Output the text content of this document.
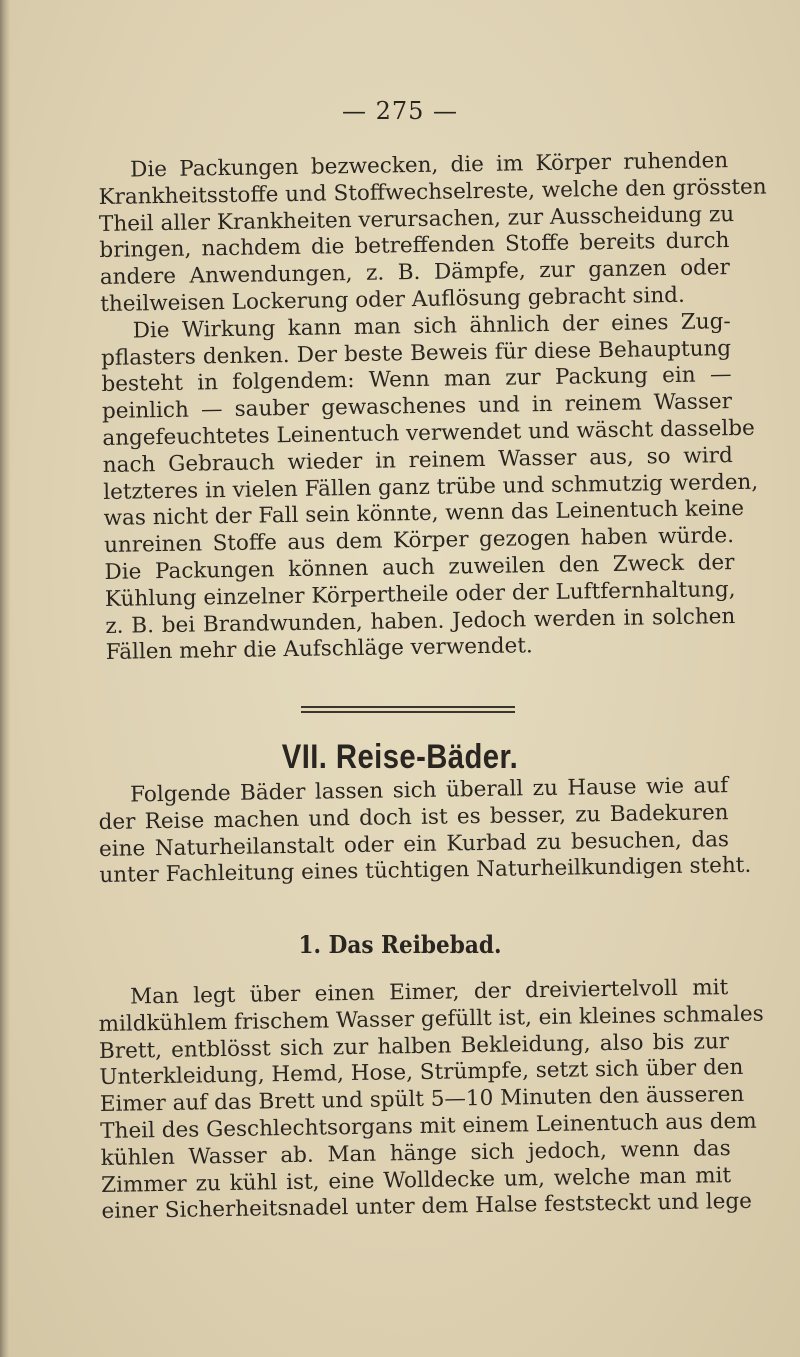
— 275 —

Die Packungen bezwecken, die im Körper ruhenden
Krankheitsstoffe und Stoffwechselreste, welche den grössten
Theil aller Krankheiten verursachen, zur Ausscheidung zu
bringen, nachdem die betreffenden Stoffe bereits durch
andere Anwendungen, z. B. Dämpfe, zur ganzen oder
theilweisen Lockerung oder Auflösung gebracht sind.

Die Wirkung kann man sich ähnlich der eines Zug-
pflasters denken. Der beste Beweis für diese Behauptung
besteht in folgendem: Wenn man zur Packung ein —
peinlich — sauber gewaschenes und in reinem Wasser
angefeuchtetes Leinentuch verwendet und wäscht dasselbe
nach Gebrauch wieder in reinem Wasser aus, so wird
letzteres in vielen Fällen ganz trübe und schmutzig werden,
was nicht der Fall sein könnte, wenn das Leinentuch keine
unreinen Stoffe aus dem Körper gezogen haben würde.
Die Packungen können auch zuweilen den Zweck der
Kühlung einzelner Körpertheile oder der Luftfernhaltung,
z. B. bei Brandwunden, haben. Jedoch werden in solchen
Fällen mehr die Aufschläge verwendet.

VII. Reise-Bäder.

Folgende Bäder lassen sich überall zu Hause wie auf
der Reise machen und doch ist es besser, zu Badekuren
eine Naturheilanstalt oder ein Kurbad zu besuchen, das
unter Fachleitung eines tüchtigen Naturheilkundigen steht.

1. Das Reibebad.

Man legt über einen Eimer, der dreiviertelvoll mit
mildkühlem frischem Wasser gefüllt ist, ein kleines schmales
Brett, entblösst sich zur halben Bekleidung, also bis zur
Unterkleidung, Hemd, Hose, Strümpfe, setzt sich über den
Eimer auf das Brett und spült 5—10 Minuten den äusseren
Theil des Geschlechtsorgans mit einem Leinentuch aus dem
kühlen Wasser ab. Man hänge sich jedoch, wenn das
Zimmer zu kühl ist, eine Wolldecke um, welche man mit
einer Sicherheitsnadel unter dem Halse feststeckt und lege
